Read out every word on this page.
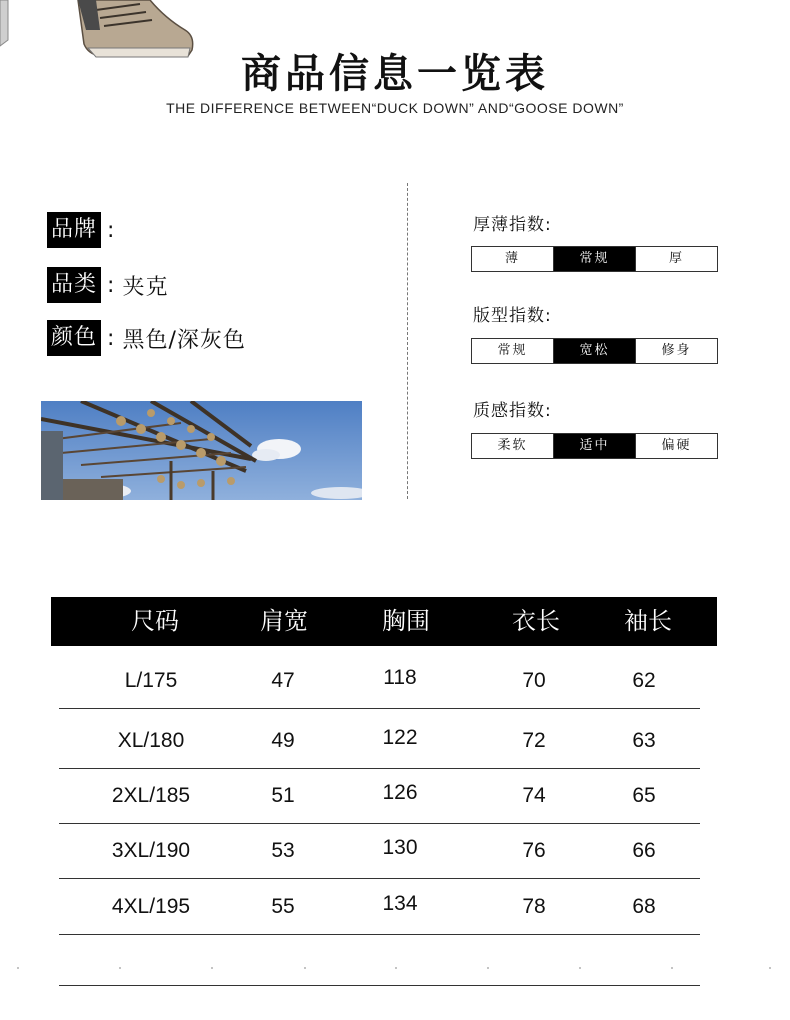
商品信息一览表
THE DIFFERENCE BETWEEN“DUCK DOWN” AND“GOOSE DOWN”
品牌 :
品类 : 夹克
颜色 : 黑色/深灰色
厚薄指数:
薄	常规	厚
版型指数:
常规	宽松	修身
质感指数:
柔软	适中	偏硬
尺码	肩宽	胸围	衣长	袖长
L/175	47	118	70	62
XL/180	49	122	72	63
2XL/185	51	126	74	65
3XL/190	53	130	76	66
4XL/195	55	134	78	68
